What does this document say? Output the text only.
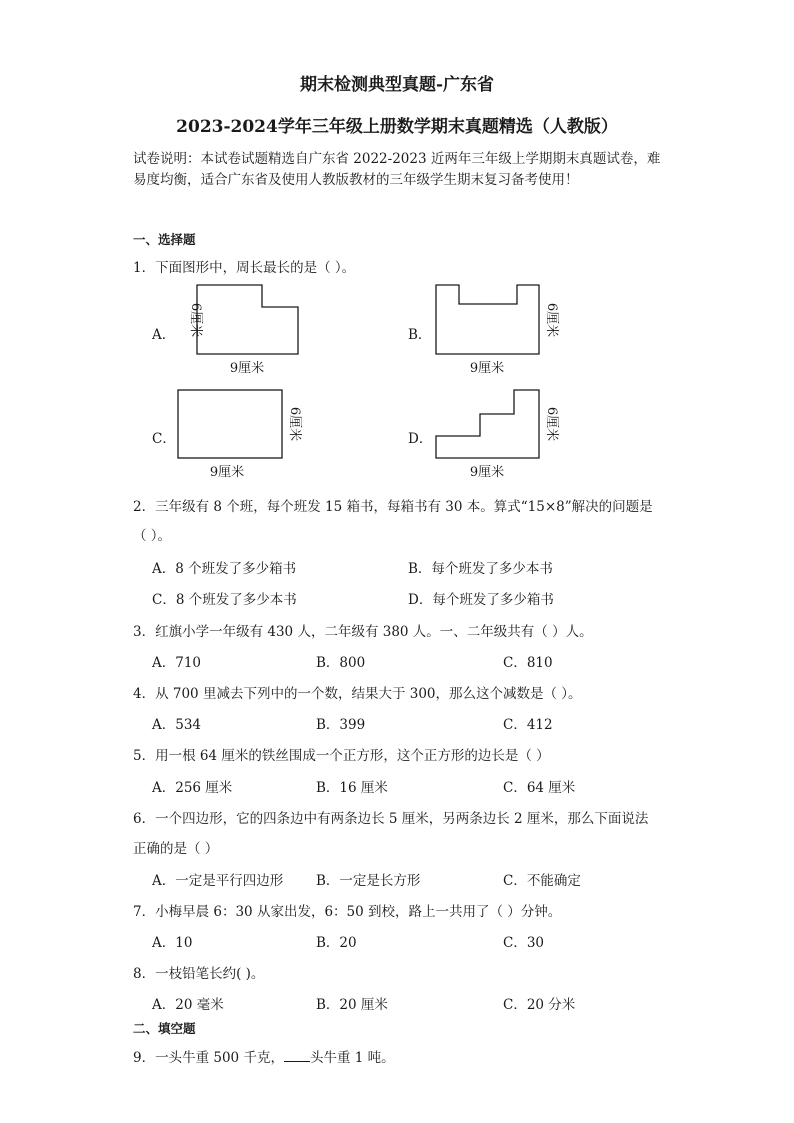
期末检测典型真题-广东省
2023-2024学年三年级上册数学期末真题精选（人教版）
试卷说明：本试卷试题精选自广东省 2022-2023 近两年三年级上学期期末真题试卷，难
易度均衡，适合广东省及使用人教版教材的三年级学生期末复习备考使用！
一、选择题
1．下面图形中，周长最长的是（ ）。
A． 6厘米
9厘米
B．	6厘米
9厘米
C．	6厘米
9厘米
D．	6厘米
9厘米
2．三年级有 8 个班，每个班发 15 箱书，每箱书有 30 本。算式“15×8”解决的问题是
（ ）。
A．8 个班发了多少箱书	B．每个班发了多少本书
C．8 个班发了多少本书	D．每个班发了多少箱书
3．红旗小学一年级有 430 人，二年级有 380 人。一、二年级共有（ ）人。
A．710	B．800	C．810
4．从 700 里减去下列中的一个数，结果大于 300，那么这个减数是（ ）。
A．534	B．399	C．412
5．用一根 64 厘米的铁丝围成一个正方形，这个正方形的边长是（ ）
A．256 厘米	B．16 厘米	C．64 厘米
6．一个四边形，它的四条边中有两条边长 5 厘米，另两条边长 2 厘米，那么下面说法
正确的是（ ）
A．一定是平行四边形 B．一定是长方形	C．不能确定
7．小梅早晨 6：30 从家出发，6：50 到校，路上一共用了（ ）分钟。
A．10	B．20	C．30
8．一枝铅笔长约( )。
A．20 毫米	B．20 厘米	C．20 分米
二、填空题
9．一头牛重 500 千克， 头牛重 1 吨。
